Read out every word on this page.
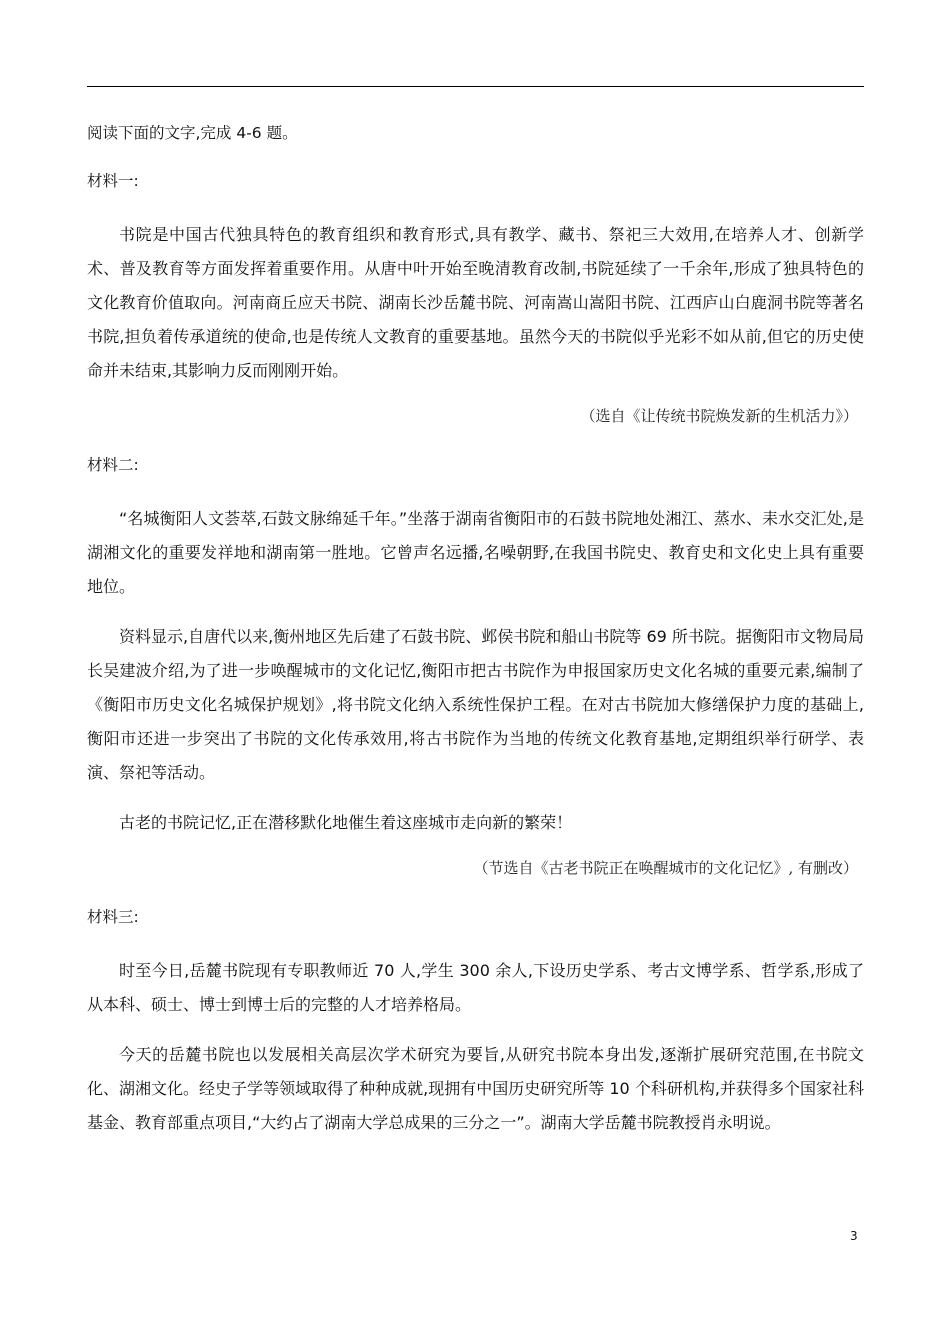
阅读下面的文字,完成 4-6 题。

材料一:

书院是中国古代独具特色的教育组织和教育形式,具有教学、藏书、祭祀三大效用,在培养人才、创新学术、普及教育等方面发挥着重要作用。从唐中叶开始至晚清教育改制,书院延续了一千余年,形成了独具特色的文化教育价值取向。河南商丘应天书院、湖南长沙岳麓书院、河南嵩山嵩阳书院、江西庐山白鹿洞书院等著名书院,担负着传承道统的使命,也是传统人文教育的重要基地。虽然今天的书院似乎光彩不如从前,但它的历史使命并未结束,其影响力反而刚刚开始。

（选自《让传统书院焕发新的生机活力》）

材料二:

“名城衡阳人文荟萃,石鼓文脉绵延千年。”坐落于湖南省衡阳市的石鼓书院地处湘江、蒸水、耒水交汇处,是湖湘文化的重要发祥地和湖南第一胜地。它曾声名远播,名噪朝野,在我国书院史、教育史和文化史上具有重要地位。

资料显示,自唐代以来,衡州地区先后建了石鼓书院、邺侯书院和船山书院等 69 所书院。据衡阳市文物局局长吴建波介绍,为了进一步唤醒城市的文化记忆,衡阳市把古书院作为申报国家历史文化名城的重要元素,编制了《衡阳市历史文化名城保护规划》,将书院文化纳入系统性保护工程。在对古书院加大修缮保护力度的基础上,衡阳市还进一步突出了书院的文化传承效用,将古书院作为当地的传统文化教育基地,定期组织举行研学、表演、祭祀等活动。

古老的书院记忆,正在潜移默化地催生着这座城市走向新的繁荣！

（节选自《古老书院正在唤醒城市的文化记忆》, 有删改）

材料三:

时至今日,岳麓书院现有专职教师近 70 人,学生 300 余人,下设历史学系、考古文博学系、哲学系,形成了从本科、硕士、博士到博士后的完整的人才培养格局。

今天的岳麓书院也以发展相关高层次学术研究为要旨,从研究书院本身出发,逐渐扩展研究范围,在书院文化、湖湘文化。经史子学等领域取得了种种成就,现拥有中国历史研究所等 10 个科研机构,并获得多个国家社科基金、教育部重点项目,“大约占了湖南大学总成果的三分之一”。湖南大学岳麓书院教授肖永明说。

3
